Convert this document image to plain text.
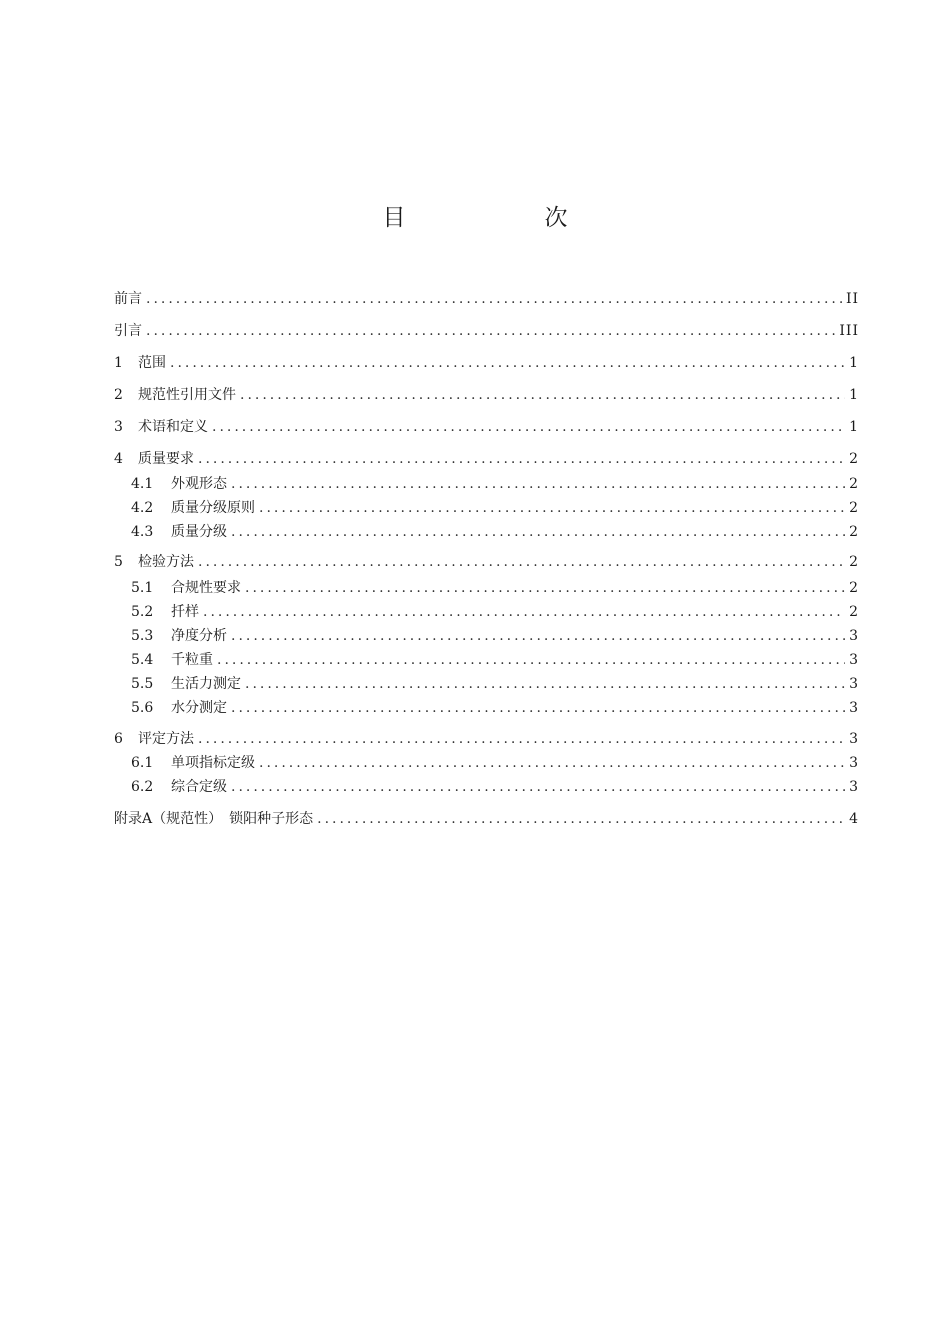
目　次
前言 .....	II
引言 .....	III
1	范围 .....	1
2	规范性引用文件 .....	1
3	术语和定义 .....	1
4	质量要求 .....	2
4.1	外观形态 .....	2
4.2	质量分级原则 .....	2
4.3	质量分级 .....	2
5	检验方法 .....	2
5.1	合规性要求 .....	2
5.2	扦样 .....	2
5.3	净度分析 .....	3
5.4	千粒重 .....	3
5.5	生活力测定 .....	3
5.6	水分测定 .....	3
6	评定方法 .....	3
6.1	单项指标定级 .....	3
6.2	综合定级 .....	3
附录A（规范性）　锁阳种子形态 .....	4
